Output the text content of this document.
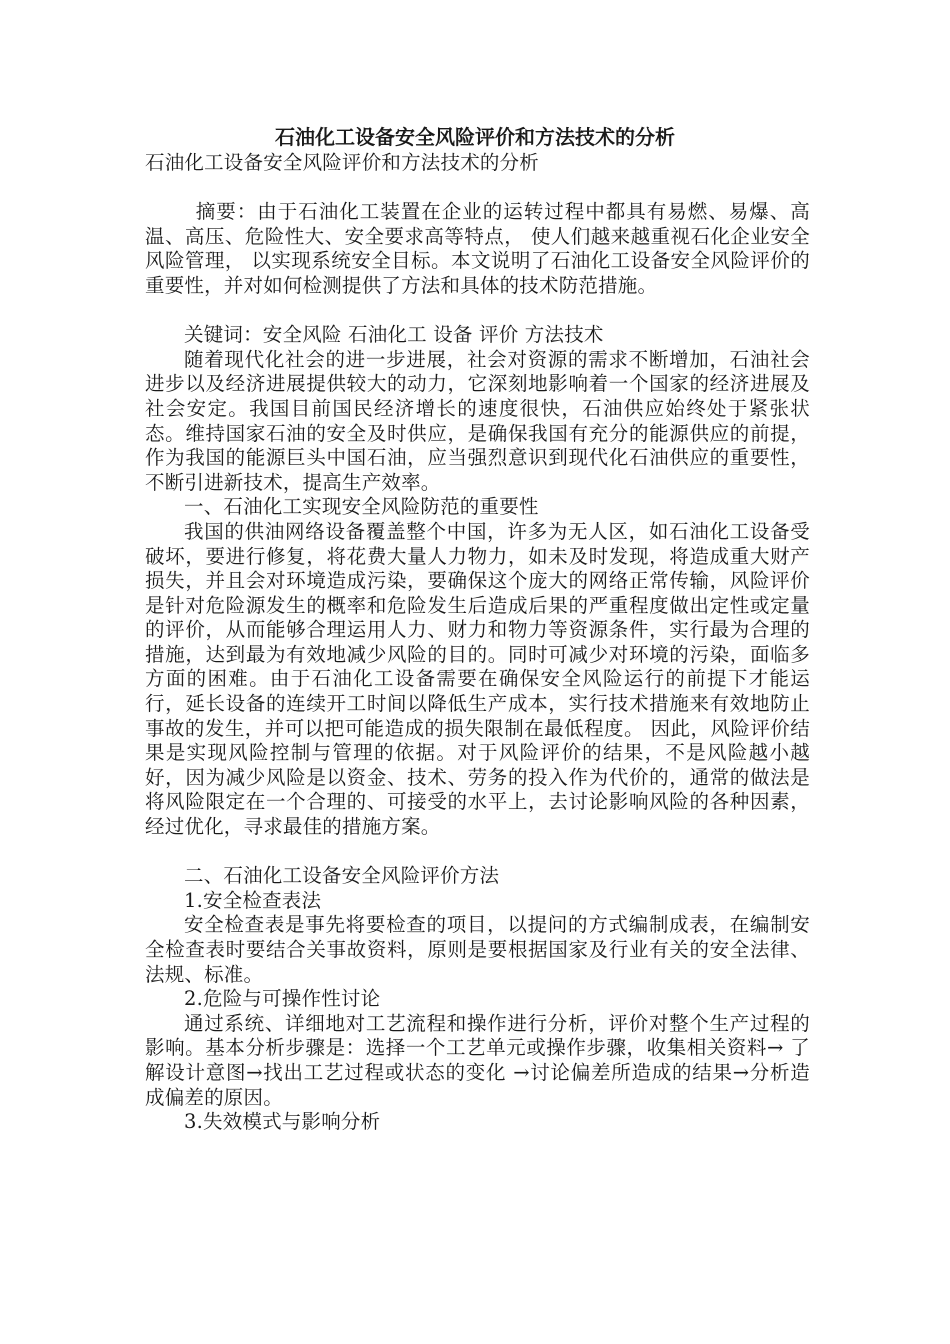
石油化工设备安全风险评价和方法技术的分析

石油化工设备安全风险评价和方法技术的分析

摘要：由于石油化工装置在企业的运转过程中都具有易燃、易爆、高温、高压、危险性大、安全要求高等特点， 使人们越来越重视石化企业安全风险管理， 以实现系统安全目标。本文说明了石油化工设备安全风险评价的重要性，并对如何检测提供了方法和具体的技术防范措施。

关键词：安全风险 石油化工 设备 评价 方法技术

随着现代化社会的进一步进展，社会对资源的需求不断增加，石油社会进步以及经济进展提供较大的动力，它深刻地影响着一个国家的经济进展及社会安定。我国目前国民经济增长的速度很快，石油供应始终处于紧张状态。维持国家石油的安全及时供应，是确保我国有充分的能源供应的前提，作为我国的能源巨头中国石油，应当强烈意识到现代化石油供应的重要性，不断引进新技术，提高生产效率。

一、石油化工实现安全风险防范的重要性

我国的供油网络设备覆盖整个中国，许多为无人区，如石油化工设备受破坏，要进行修复，将花费大量人力物力，如未及时发现，将造成重大财产损失，并且会对环境造成污染，要确保这个庞大的网络正常传输，风险评价是针对危险源发生的概率和危险发生后造成后果的严重程度做出定性或定量的评价，从而能够合理运用人力、财力和物力等资源条件，实行最为合理的措施，达到最为有效地减少风险的目的。同时可减少对环境的污染，面临多方面的困难。由于石油化工设备需要在确保安全风险运行的前提下才能运行，延长设备的连续开工时间以降低生产成本，实行技术措施来有效地防止事故的发生，并可以把可能造成的损失限制在最低程度。 因此，风险评价结果是实现风险控制与管理的依据。对于风险评价的结果，不是风险越小越好，因为减少风险是以资金、技术、劳务的投入作为代价的，通常的做法是将风险限定在一个合理的、可接受的水平上，去讨论影响风险的各种因素，经过优化，寻求最佳的措施方案。

二、石油化工设备安全风险评价方法

1.安全检查表法

安全检查表是事先将要检查的项目，以提问的方式编制成表，在编制安全检查表时要结合关事故资料，原则是要根据国家及行业有关的安全法律、法规、标准。

2.危险与可操作性讨论

通过系统、详细地对工艺流程和操作进行分析，评价对整个生产过程的影响。基本分析步骤是：选择一个工艺单元或操作步骤，收集相关资料→ 了解设计意图→找出工艺过程或状态的变化 →讨论偏差所造成的结果→分析造成偏差的原因。

3.失效模式与影响分析
